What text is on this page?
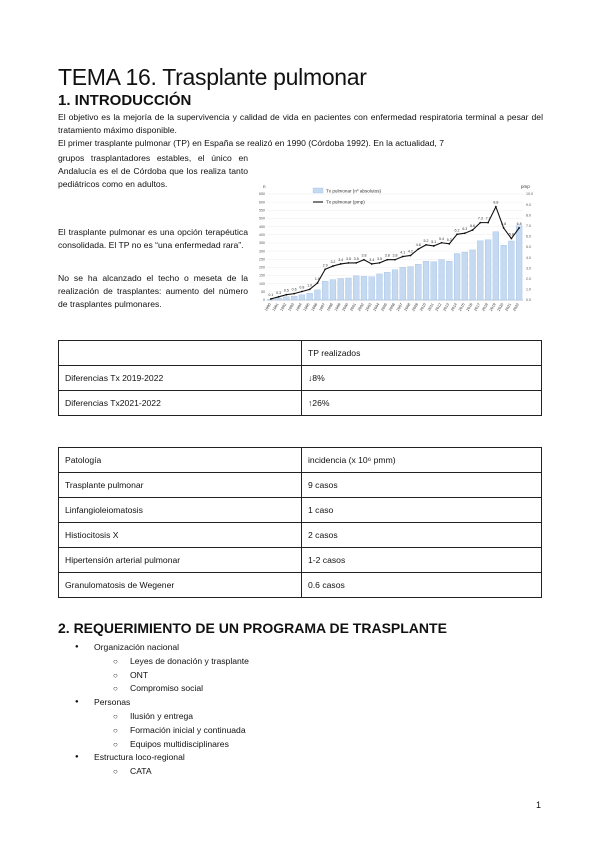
TEMA 16. Trasplante pulmonar
1. INTRODUCCIÓN

El objetivo es la mejoría de la supervivencia y calidad de vida en pacientes con enfermedad respiratoria terminal a pesar del tratamiento máximo disponible.

El primer trasplante pulmonar (TP) en España se realizó en 1990 (Córdoba 1992). En la actualidad, 7

grupos trasplantadores estables, el único en Andalucía es el de Córdoba que los realiza tanto pediátricos como en adultos.

El trasplante pulmonar es una opción terapéutica consolidada. El TP no es “una enfermedad rara”.

No se ha alcanzado el techo o meseta de la realización de trasplantes: aumento del número de trasplantes pulmonares.

0.1
0.3
0.5 0.6
0.8
1.0
1.6
2.9
3.2
3.4 3.5 3.5
3.8
3.4 3.5
3.8 3.8
4.1 4.2
4.8
5.2 5.1
5.4 5.3
6.2 6.3
6.6
7.3 7.3
8.8
6.8
5.8
6.8
1990 1991 1992 1993 1994 1995 1996 1997 1998 1999 2000 2001 2002 2003 2004 2005 2006 2007 2008 2009 2010 2011 2012 2013 2014 2015 2016 2017 2018 2019 2020 2021 2022
0
50
100
150
200
250
300
350
400
450
500
550
600
650
0.0
1.0
2.0
3.0
4.0
5.0
6.0
7.0
8.0
9.0
10.0
n	pmp
Tx pulmonar (nº absolutos)
Tx pulmonar (pmp)
	TP realizados
Diferencias Tx 2019-2022	↓8%
Diferencias Tx2021-2022	↑26%
Patología	incidencia (x 10⁶ pmm)
Trasplante pulmonar	9 casos
Linfangioleiomatosis	1 caso
Histiocitosis X	2 casos
Hipertensión arterial pulmonar	1-2 casos
Granulomatosis de Wegener	0.6 casos
2. REQUERIMIENTO DE UN PROGRAMA DE TRASPLANTE
● Organización nacional
○ Leyes de donación y trasplante
○ ONT
○ Compromiso social
● Personas
○ Ilusión y entrega
○ Formación inicial y continuada
○ Equipos multidisciplinares
● Estructura loco-regional
○ CATA
1
